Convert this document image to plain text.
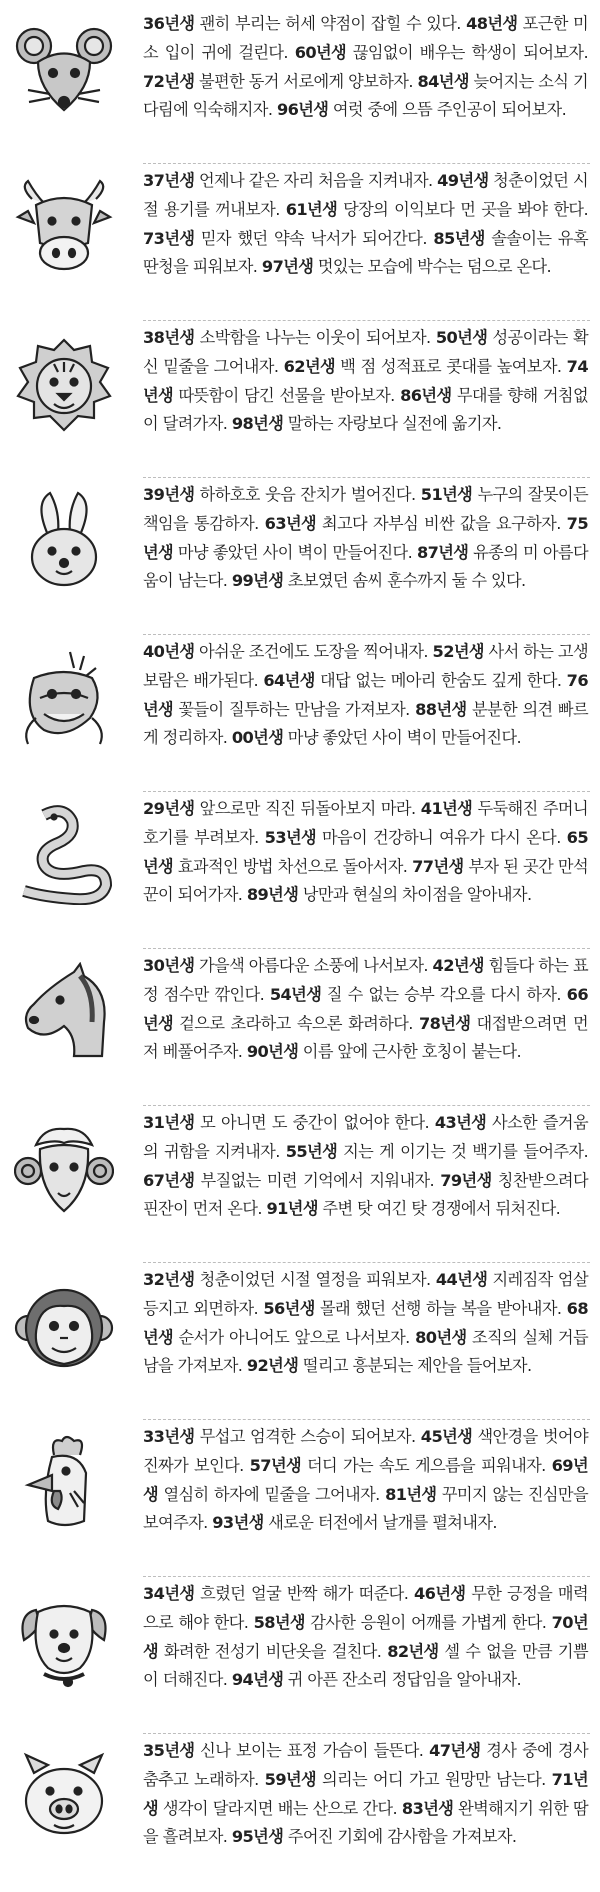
36년생 괜히 부리는 허세 약점이 잡힐 수 있다. 48년생 포근한 미소 입이 귀에 걸린다. 60년생 끊임없이 배우는 학생이 되어보자. 72년생 불편한 동거 서로에게 양보하자. 84년생 늦어지는 소식 기다림에 익숙해지자. 96년생 여럿 중에 으뜸 주인공이 되어보자.
37년생 언제나 같은 자리 처음을 지켜내자. 49년생 청춘이었던 시절 용기를 꺼내보자. 61년생 당장의 이익보다 먼 곳을 봐야 한다. 73년생 믿자 했던 약속 낙서가 되어간다. 85년생 솔솔이는 유혹 딴청을 피워보자. 97년생 멋있는 모습에 박수는 덤으로 온다.
38년생 소박함을 나누는 이웃이 되어보자. 50년생 성공이라는 확신 밑줄을 그어내자. 62년생 백 점 성적표로 콧대를 높여보자. 74년생 따뜻함이 담긴 선물을 받아보자. 86년생 무대를 향해 거침없이 달려가자. 98년생 말하는 자랑보다 실전에 옮기자.
39년생 하하호호 웃음 잔치가 벌어진다. 51년생 누구의 잘못이든 책임을 통감하자. 63년생 최고다 자부심 비싼 값을 요구하자. 75년생 마냥 좋았던 사이 벽이 만들어진다. 87년생 유종의 미 아름다움이 남는다. 99년생 초보였던 솜씨 훈수까지 둘 수 있다.
40년생 아쉬운 조건에도 도장을 찍어내자. 52년생 사서 하는 고생 보람은 배가된다. 64년생 대답 없는 메아리 한숨도 깊게 한다. 76년생 꽃들이 질투하는 만남을 가져보자. 88년생 분분한 의견 빠르게 정리하자. 00년생 마냥 좋았던 사이 벽이 만들어진다.
29년생 앞으로만 직진 뒤돌아보지 마라. 41년생 두둑해진 주머니 호기를 부려보자. 53년생 마음이 건강하니 여유가 다시 온다. 65년생 효과적인 방법 차선으로 돌아서자. 77년생 부자 된 곳간 만석꾼이 되어가자. 89년생 낭만과 현실의 차이점을 알아내자.
30년생 가을색 아름다운 소풍에 나서보자. 42년생 힘들다 하는 표정 점수만 깎인다. 54년생 질 수 없는 승부 각오를 다시 하자. 66년생 겉으로 초라하고 속으론 화려하다. 78년생 대접받으려면 먼저 베풀어주자. 90년생 이름 앞에 근사한 호칭이 붙는다.
31년생 모 아니면 도 중간이 없어야 한다. 43년생 사소한 즐거움의 귀함을 지켜내자. 55년생 지는 게 이기는 것 백기를 들어주자. 67년생 부질없는 미련 기억에서 지워내자. 79년생 칭찬받으려다 핀잔이 먼저 온다. 91년생 주변 탓 여긴 탓 경쟁에서 뒤처진다.
32년생 청춘이었던 시절 열정을 피워보자. 44년생 지레짐작 엄살 등지고 외면하자. 56년생 몰래 했던 선행 하늘 복을 받아내자. 68년생 순서가 아니어도 앞으로 나서보자. 80년생 조직의 실체 거듭남을 가져보자. 92년생 떨리고 흥분되는 제안을 들어보자.
33년생 무섭고 엄격한 스승이 되어보자. 45년생 색안경을 벗어야 진짜가 보인다. 57년생 더디 가는 속도 게으름을 피워내자. 69년생 열심히 하자에 밑줄을 그어내자. 81년생 꾸미지 않는 진심만을 보여주자. 93년생 새로운 터전에서 날개를 펼쳐내자.
34년생 흐렸던 얼굴 반짝 해가 떠준다. 46년생 무한 긍정을 매력으로 해야 한다. 58년생 감사한 응원이 어깨를 가볍게 한다. 70년생 화려한 전성기 비단옷을 걸친다. 82년생 셀 수 없을 만큼 기쁨이 더해진다. 94년생 귀 아픈 잔소리 정답임을 알아내자.
35년생 신나 보이는 표정 가슴이 들뜬다. 47년생 경사 중에 경사 춤추고 노래하자. 59년생 의리는 어디 가고 원망만 남는다. 71년생 생각이 달라지면 배는 산으로 간다. 83년생 완벽해지기 위한 땀을 흘려보자. 95년생 주어진 기회에 감사함을 가져보자.
